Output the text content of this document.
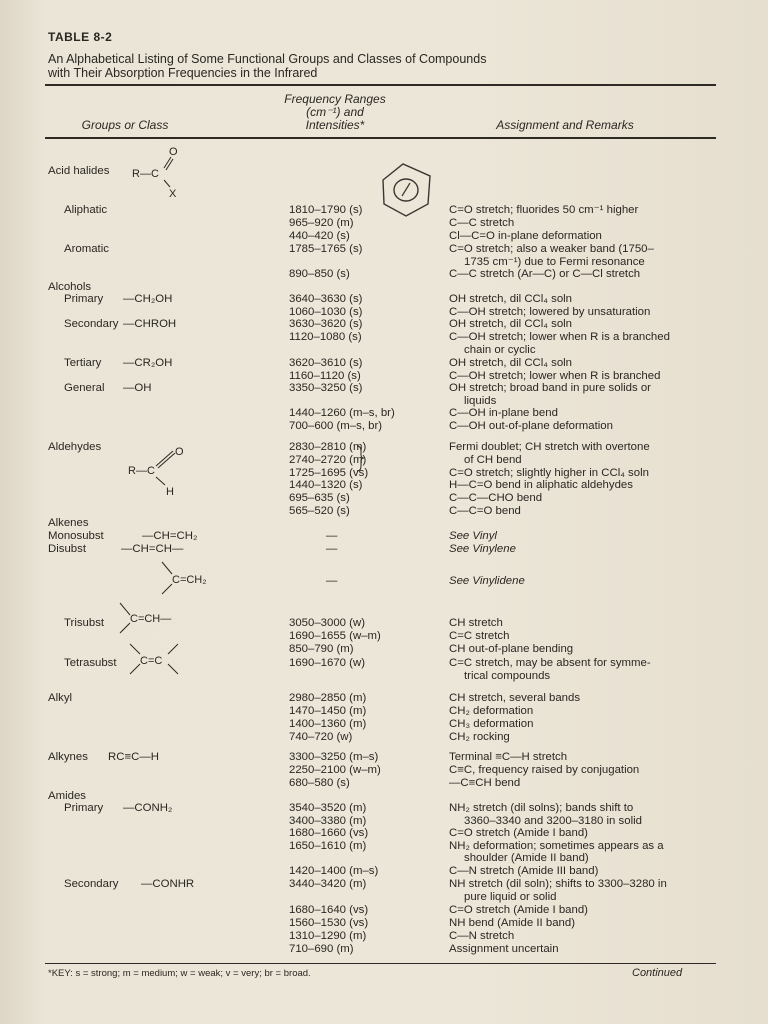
TABLE 8-2
An Alphabetical Listing of Some Functional Groups and Classes of Compounds
with Their Absorption Frequencies in the Infrared
Groups or Class
Frequency Ranges
(cm⁻¹) and
Intensities*	Assignment and Remarks
R—C
O
X
R—C
O
H
C=CH₂
C=CH—
C=C
Acid halides
Aliphatic	1810–1790 (s)	C=O stretch; fluorides 50 cm⁻¹ higher
965–920 (m)	C—C stretch
440–420 (s)	Cl—C=O in-plane deformation
Aromatic	1785–1765 (s)	C=O stretch; also a weaker band (1750–
1735 cm⁻¹) due to Fermi resonance
890–850 (s)	C—C stretch (Ar—C) or C—Cl stretch
Alcohols
Primary —CH₂OH	3640–3630 (s)	OH stretch, dil CCl₄ soln
1060–1030 (s)	C—OH stretch; lowered by unsaturation
Secondary —CHROH	3630–3620 (s)	OH stretch, dil CCl₄ soln
1120–1080 (s)	C—OH stretch; lower when R is a branched
chain or cyclic
Tertiary —CR₂OH	3620–3610 (s)	OH stretch, dil CCl₄ soln
1160–1120 (s)	C—OH stretch; lower when R is branched
General —OH	3350–3250 (s)	OH stretch; broad band in pure solids or
liquids
1440–1260 (m–s, br)	C—OH in-plane bend
700–600 (m–s, br)	C—OH out-of-plane deformation
Aldehydes	2830–2810 (m)	Fermi doublet; CH stretch with overtone
2740–2720 (m)	of CH bend
1725–1695 (vs)	C=O stretch; slightly higher in CCl₄ soln
1440–1320 (s)	H—C=O bend in aliphatic aldehydes
695–635 (s)	C—C—CHO bend
565–520 (s)	C—C=O bend
Alkenes
Monosubst	—CH=CH₂	—	See Vinyl
Disubst	—CH=CH—	—	See Vinylene
—	See Vinylidene
Trisubst	3050–3000 (w)	CH stretch
1690–1655 (w–m)	C=C stretch
850–790 (m)	CH out-of-plane bending
Tetrasubst	1690–1670 (w)	C=C stretch, may be absent for symme-
trical compounds
Alkyl	2980–2850 (m)	CH stretch, several bands
1470–1450 (m)	CH₂ deformation
1400–1360 (m)	CH₃ deformation
740–720 (w)	CH₂ rocking
Alkynes RC≡C—H	3300–3250 (m–s)	Terminal ≡C—H stretch
2250–2100 (w–m)	C≡C, frequency raised by conjugation
680–580 (s)	—C≡CH bend
Amides
Primary —CONH₂	3540–3520 (m)	NH₂ stretch (dil solns); bands shift to
3400–3380 (m)	3360–3340 and 3200–3180 in solid
1680–1660 (vs)	C=O stretch (Amide I band)
1650–1610 (m)	NH₂ deformation; sometimes appears as a
shoulder (Amide II band)
1420–1400 (m–s)	C—N stretch (Amide III band)
Secondary —CONHR	3440–3420 (m)	NH stretch (dil soln); shifts to 3300–3280 in
pure liquid or solid
1680–1640 (vs)	C=O stretch (Amide I band)
1560–1530 (vs)	NH bend (Amide II band)
1310–1290 (m)	C—N stretch
710–690 (m)	Assignment uncertain
*KEY: s = strong; m = medium; w = weak; v = very; br = broad.	Continued
